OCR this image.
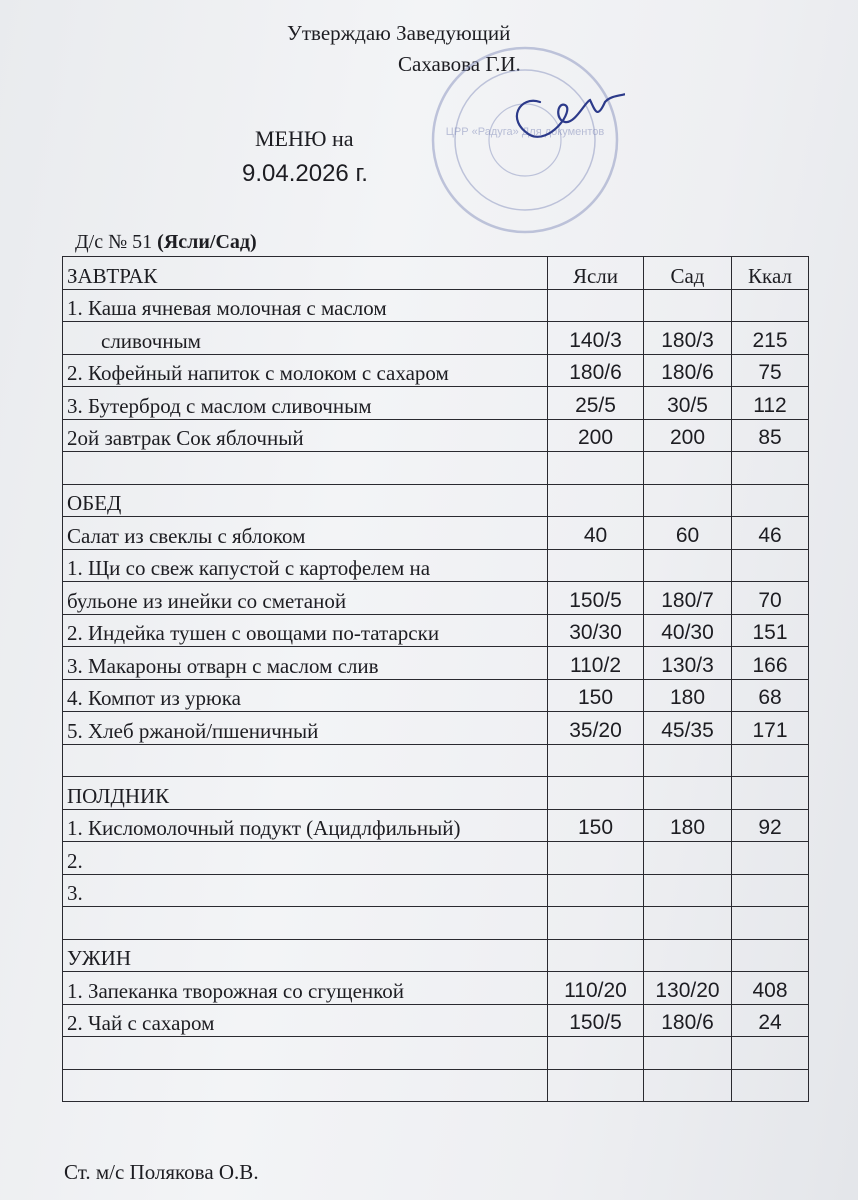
Утверждаю Заведующий
Сахавова Г.И.
ЦРР «Радуга» Для документов
МЕНЮ на
9.04.2026 г.
Д/с № 51 (Ясли/Сад)
ЗАВТРАК	Ясли	Сад	Ккал
1. Каша ячневая молочная с маслом			
сливочным	140/3	180/3	215
2. Кофейный напиток с молоком с сахаром	180/6	180/6	75
3. Бутерброд с маслом сливочным	25/5	30/5	112
2ой завтрак Сок яблочный	200	200	85

ОБЕД			
Салат из свеклы с яблоком	40	60	46
1. Щи со свеж капустой с картофелем на			
бульоне из инейки со сметаной	150/5	180/7	70
2. Индейка тушен с овощами по-татарски	30/30	40/30	151
3. Макароны отварн с маслом слив	110/2	130/3	166
4. Компот из урюка	150	180	68
5. Хлеб ржаной/пшеничный	35/20	45/35	171

ПОЛДНИК			
1. Кисломолочный подукт (Ацидлфильный)	150	180	92
2.			
3.			

УЖИН			
1. Запеканка творожная со сгущенкой	110/20	130/20	408
2. Чай с сахаром	150/5	180/6	24

Ст. м/с Полякова О.В.
